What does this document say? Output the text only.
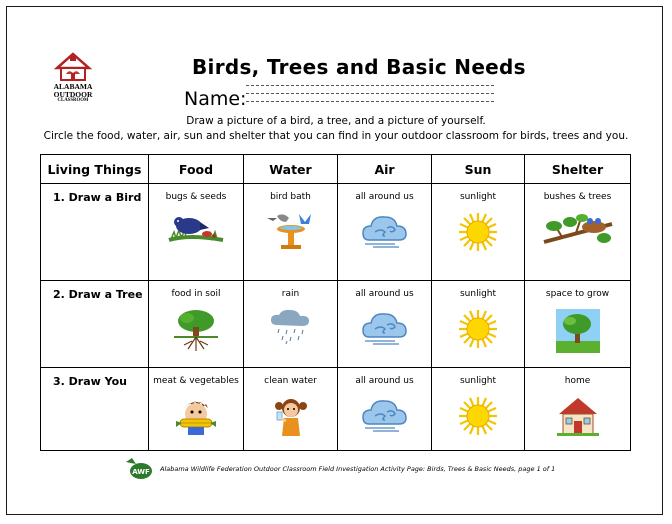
ALABAMA
OUTDOOR
CLASSROOM
Birds, Trees and Basic Needs
Name:
Draw a picture of a bird, a tree, and a picture of yourself.
Circle the food, water, air, sun and shelter that you can find in your outdoor classroom for birds, trees and you.
Living Things	Food	Water	Air	Sun	Shelter
1. Draw a Bird	bugs & seeds	bird bath	all around us	sunlight	bushes & trees

2. Draw a Tree	food in soil	rain	all around us	sunlight	space to grow

3. Draw You	meat & vegetables	clean water	all around us	sunlight	home
AWF Alabama Wildlife Federation Outdoor Classroom Field Investigation Activity Page: Birds, Trees & Basic Needs, page 1 of 1
